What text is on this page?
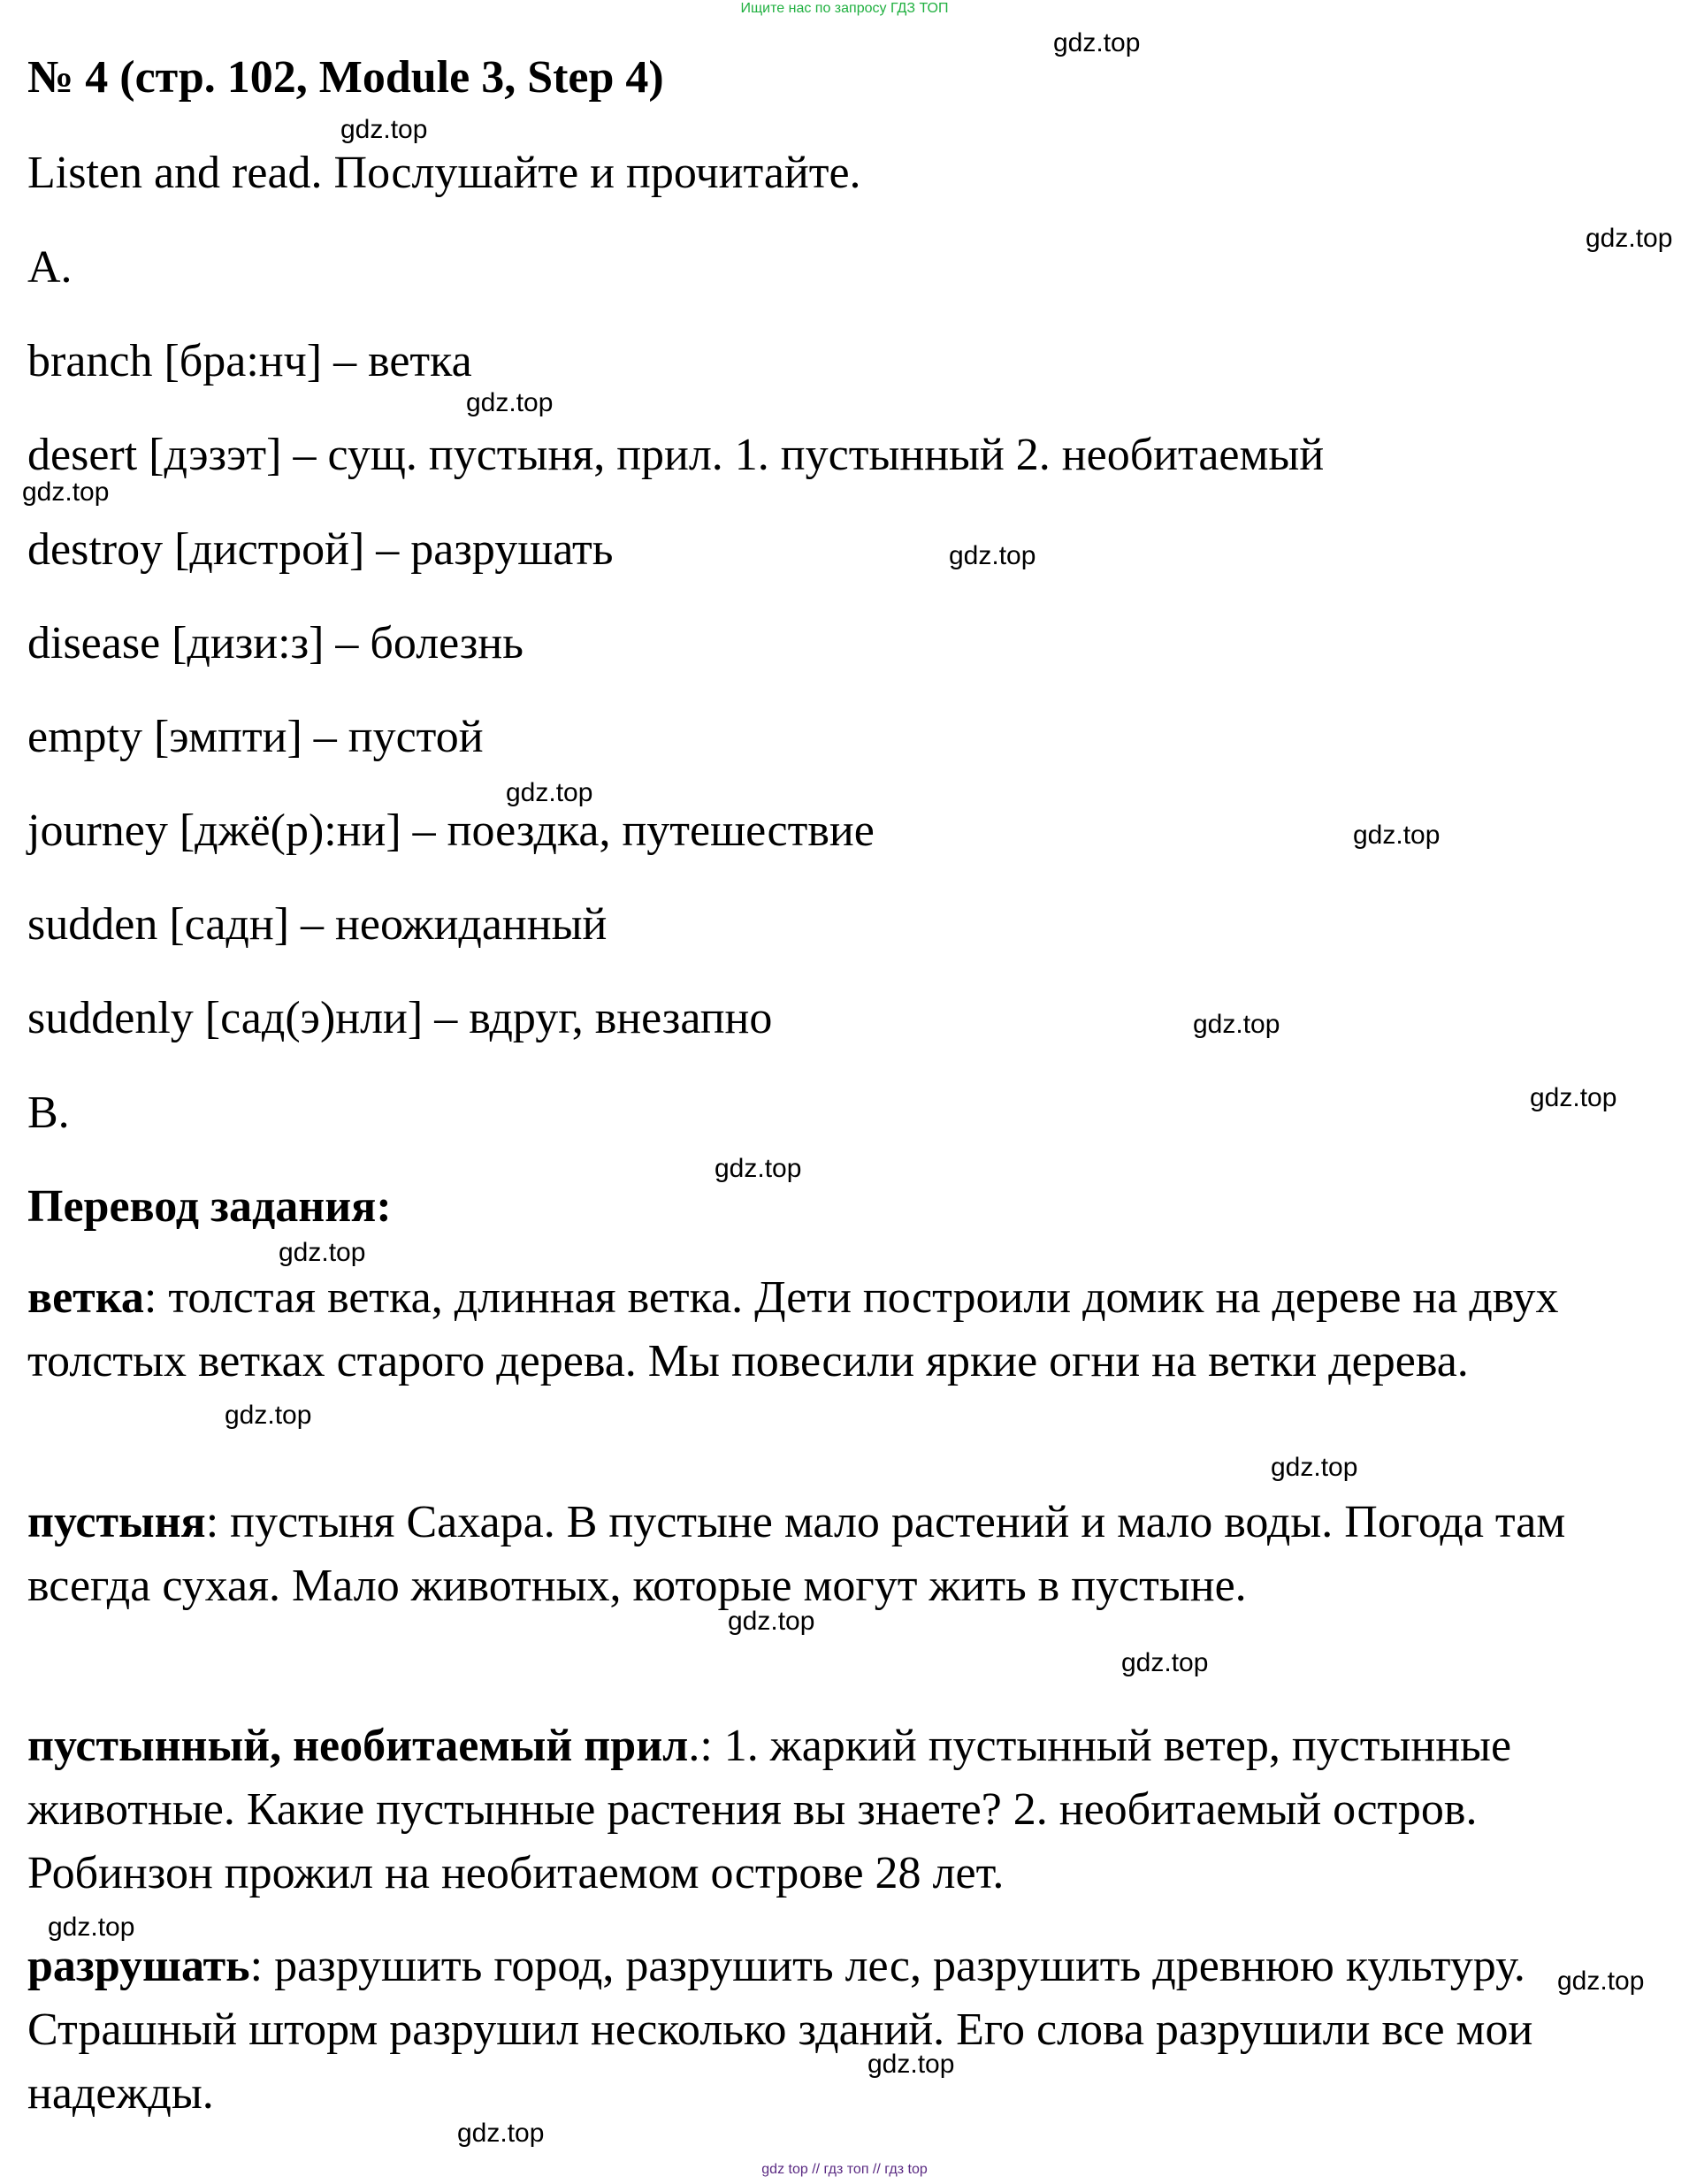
Ищите нас по запросу ГДЗ ТОП
№ 4 (стр. 102, Module 3, Step 4)
Listen and read. Послушайте и прочитайте.
A.
branch [бра:нч] – ветка
desert [дэзэт] – сущ. пустыня, прил. 1. пустынный 2. необитаемый
destroy [дистрой] – разрушать
disease [дизи:з] – болезнь
empty [эмпти] – пустой
journey [джё(р):ни] – поездка, путешествие
sudden [садн] – неожиданный
suddenly [сад(э)нли] – вдруг, внезапно
B.
Перевод задания:
ветка: толстая ветка, длинная ветка. Дети построили домик на дереве на двух толстых ветках старого дерева. Мы повесили яркие огни на ветки дерева.
пустыня: пустыня Сахара. В пустыне мало растений и мало воды. Погода там всегда сухая. Мало животных, которые могут жить в пустыне.
пустынный, необитаемый прил.: 1. жаркий пустынный ветер, пустынные животные. Какие пустынные растения вы знаете? 2. необитаемый остров. Робинзон прожил на необитаемом острове 28 лет.
разрушать: разрушить город, разрушить лес, разрушить древнюю культуру. Страшный шторм разрушил несколько зданий. Его слова разрушили все мои надежды.
gdz.top
gdz.top
gdz.top
gdz.top
gdz.top
gdz.top
gdz.top
gdz.top
gdz.top
gdz.top
gdz.top
gdz.top
gdz.top
gdz.top
gdz.top
gdz.top
gdz.top
gdz.top
gdz.top
gdz.top
gdz top // гдз топ // гдз top
